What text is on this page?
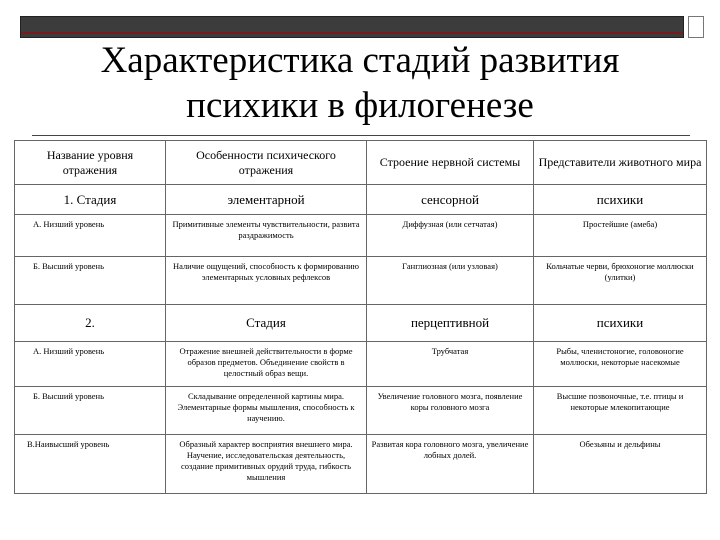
Характеристика стадий развития психики в филогенезе
Название уровня отражения	Особенности психического отражения	Строение нервной системы	Представители животного мира
1. Стадия	элементарной	сенсорной	психики
А. Низший уровень	Примитивные элементы чувствительности, развита раздражимость	Диффузная (или сетчатая)	Простейшие (амеба)
Б. Высший уровень	Наличие ощущений, способность к формированию элементарных условных рефлексов	Ганглиозная (или узловая)	Кольчатые черви, брюхоногие моллюски (улитки)
2.	Стадия	перцептивной	психики
А. Низший уровень	Отражение внешней действительности в форме образов предметов. Объединение свойств в целостный образ вещи.	Трубчатая	Рыбы, членистоногие, головоногие моллюски, некоторые насекомые
Б. Высший уровень	Складывание определенной картины мира. Элементарные формы мышления, способность к научению.	Увеличение головного мозга, появление коры головного мозга	Высшие позвоночные, т.е. птицы и некоторые млекопитающие
В.Наивысший уровень	Образный характер восприятия внешнего мира. Научение, исследовательская деятельность, создание примитивных орудий труда, гибкость мышления	Развитая кора головного мозга, увеличение лобных долей.	Обезьяны и дельфины
